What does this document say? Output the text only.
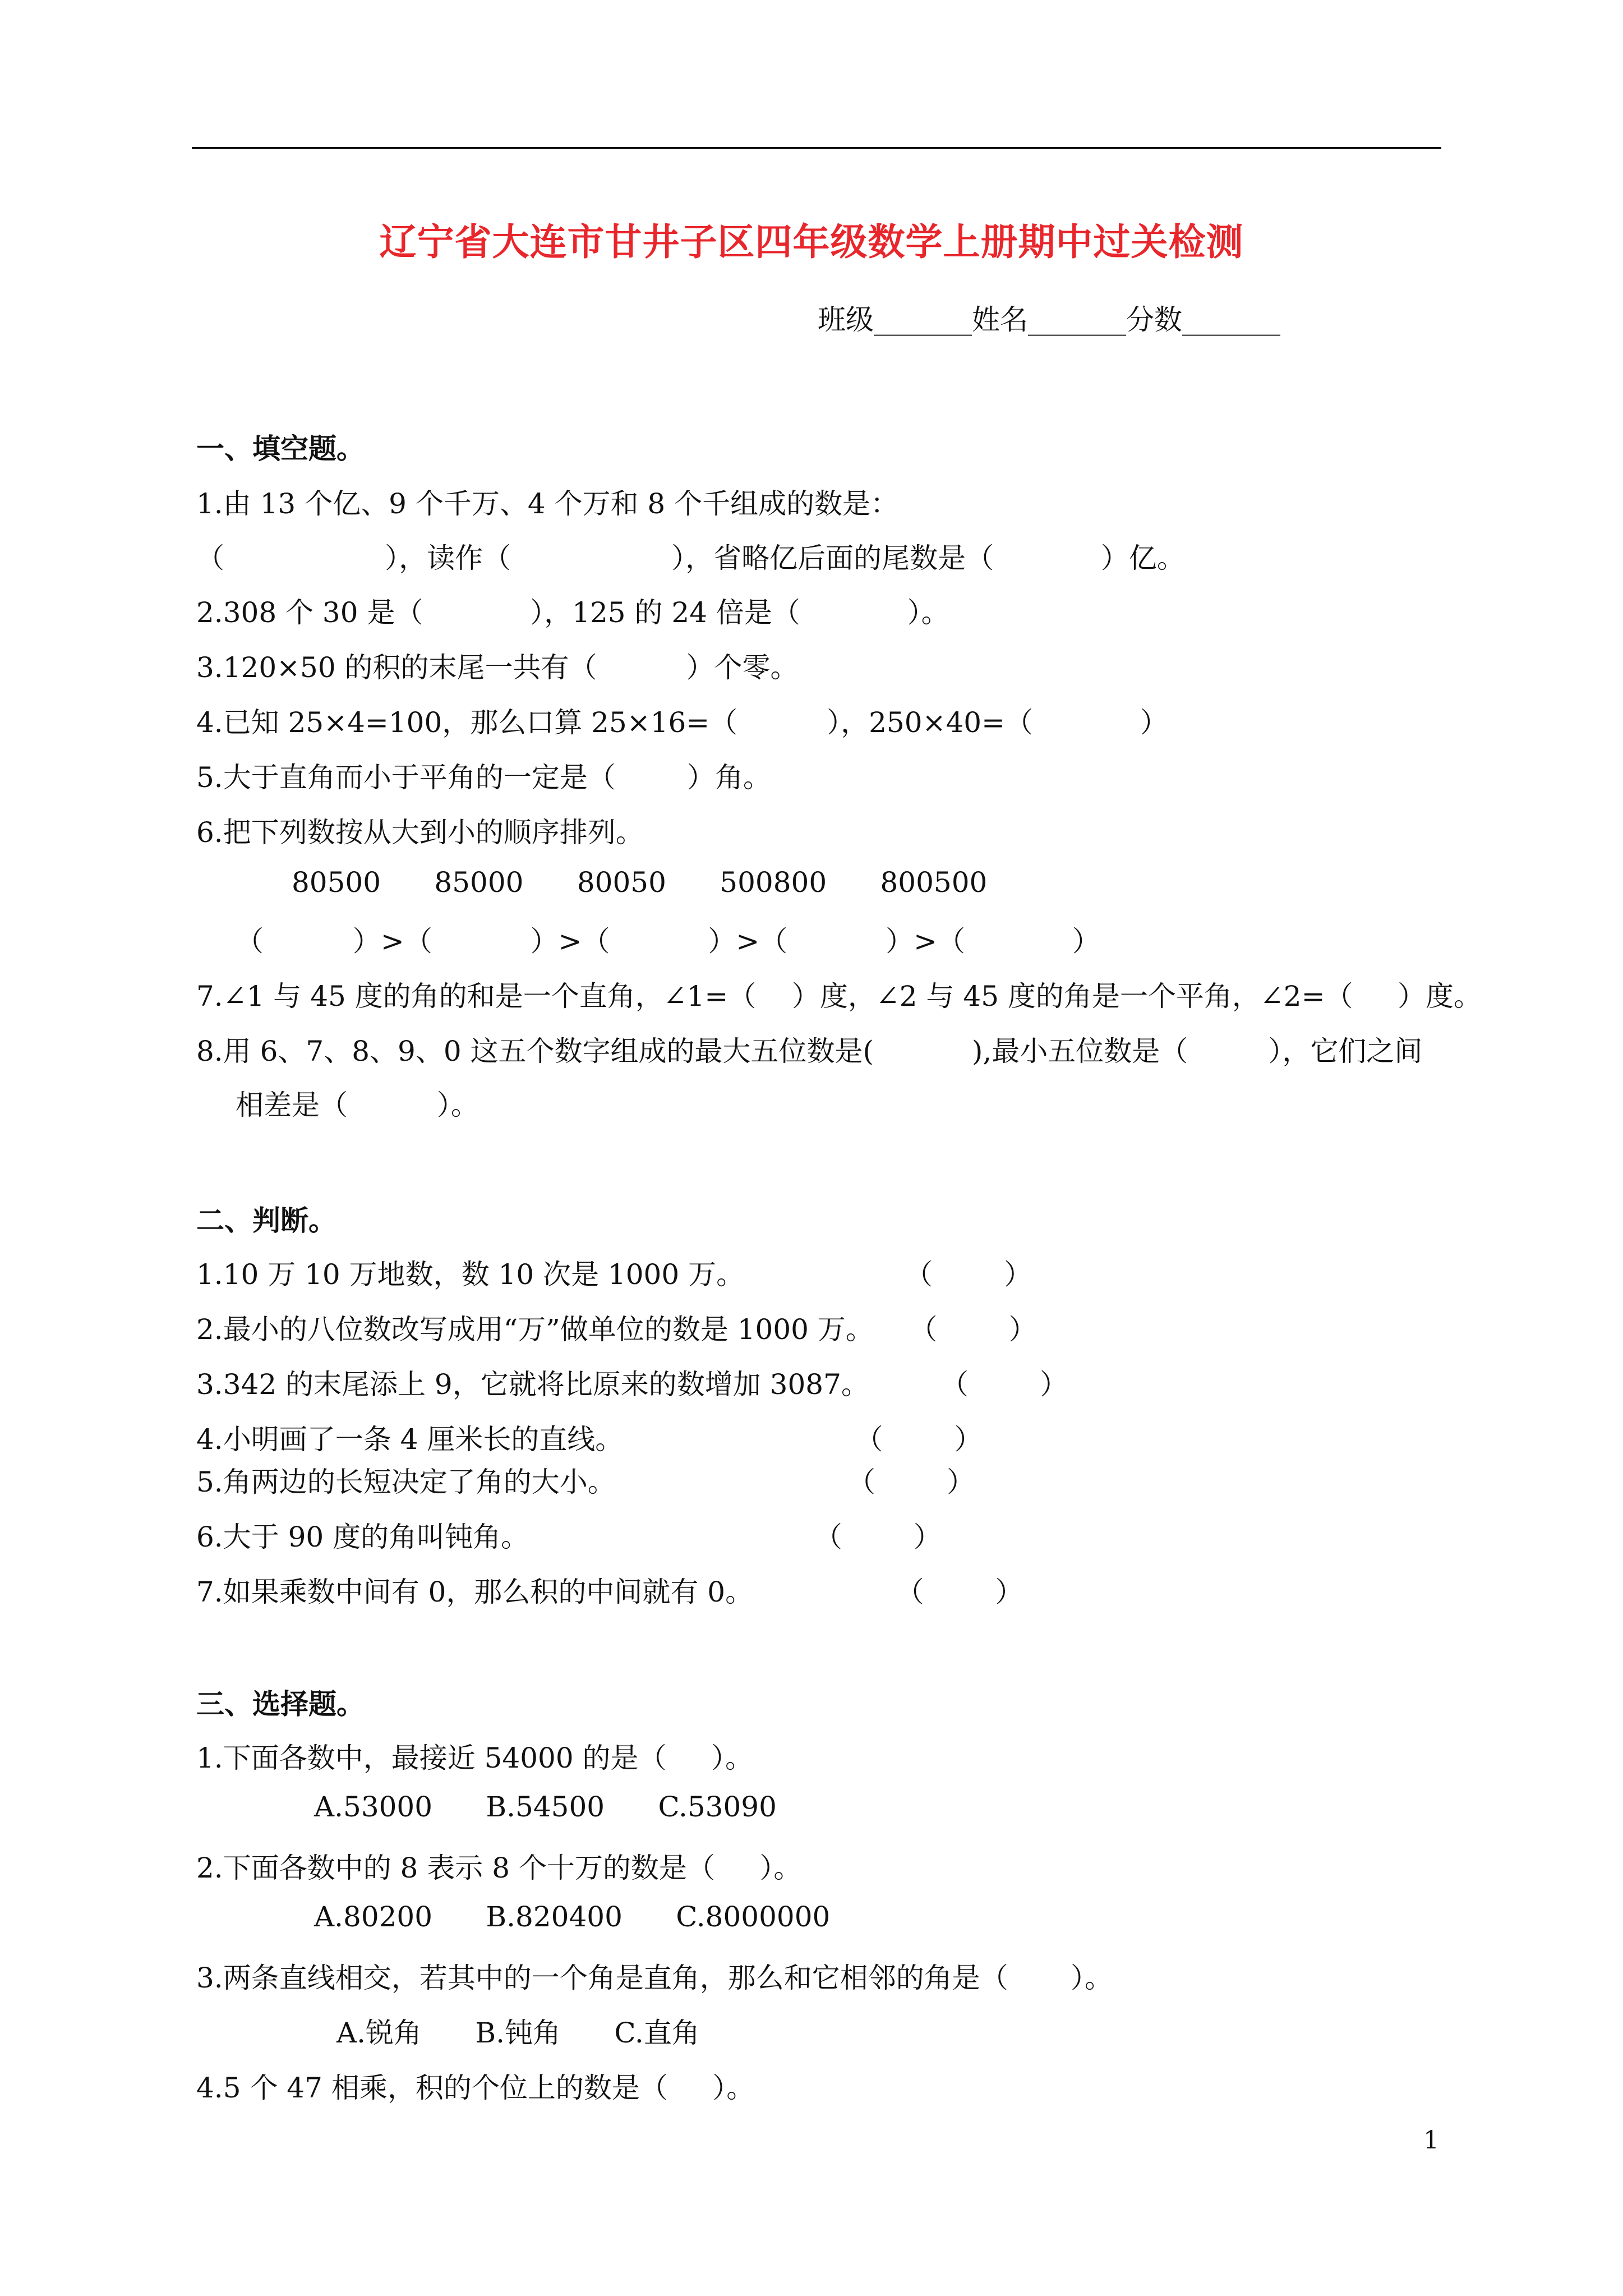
辽宁省大连市甘井子区四年级数学上册期中过关检测
班级_______姓名_______分数_______
一、填空题。
1.由 13 个亿、9 个千万、4 个万和 8 个千组成的数是：
（                  ），读作（                  ），省略亿后面的尾数是（            ）亿。
2.308 个 30 是（            ），125 的 24 倍是（            ）。
3.120×50 的积的末尾一共有（          ）个零。
4.已知 25×4=100，那么口算 25×16=（          ），250×40=（            ）
5.大于直角而小于平角的一定是（        ）角。
6.把下列数按从大到小的顺序排列。
80500      85000      80050      500800      800500
（          ）>（           ）>（           ）>（           ）>（            ）
7.∠1 与 45 度的角的和是一个直角，∠1=（    ）度，∠2 与 45 度的角是一个平角，∠2=（     ）度。
8.用 6、7、8、9、0 这五个数字组成的最大五位数是(           ),最小五位数是（         ），它们之间
相差是（          ）。
二、判断。
1.10 万 10 万地数，数 10 次是 1000 万。                  （        ）
2.最小的八位数改写成用“万”做单位的数是 1000 万。    （        ）
3.342 的末尾添上 9，它就将比原来的数增加 3087。        （        ）
4.小明画了一条 4 厘米长的直线。                          （        ）
5.角两边的长短决定了角的大小。                          （        ）
6.大于 90 度的角叫钝角。                                （        ）
7.如果乘数中间有 0，那么积的中间就有 0。                （        ）
三、选择题。
1.下面各数中，最接近 54000 的是（     ）。
A.53000      B.54500      C.53090
2.下面各数中的 8 表示 8 个十万的数是（     ）。
A.80200      B.820400      C.8000000
3.两条直线相交，若其中的一个角是直角，那么和它相邻的角是（       ）。
A.锐角      B.钝角      C.直角
4.5 个 47 相乘，积的个位上的数是（     ）。
1
